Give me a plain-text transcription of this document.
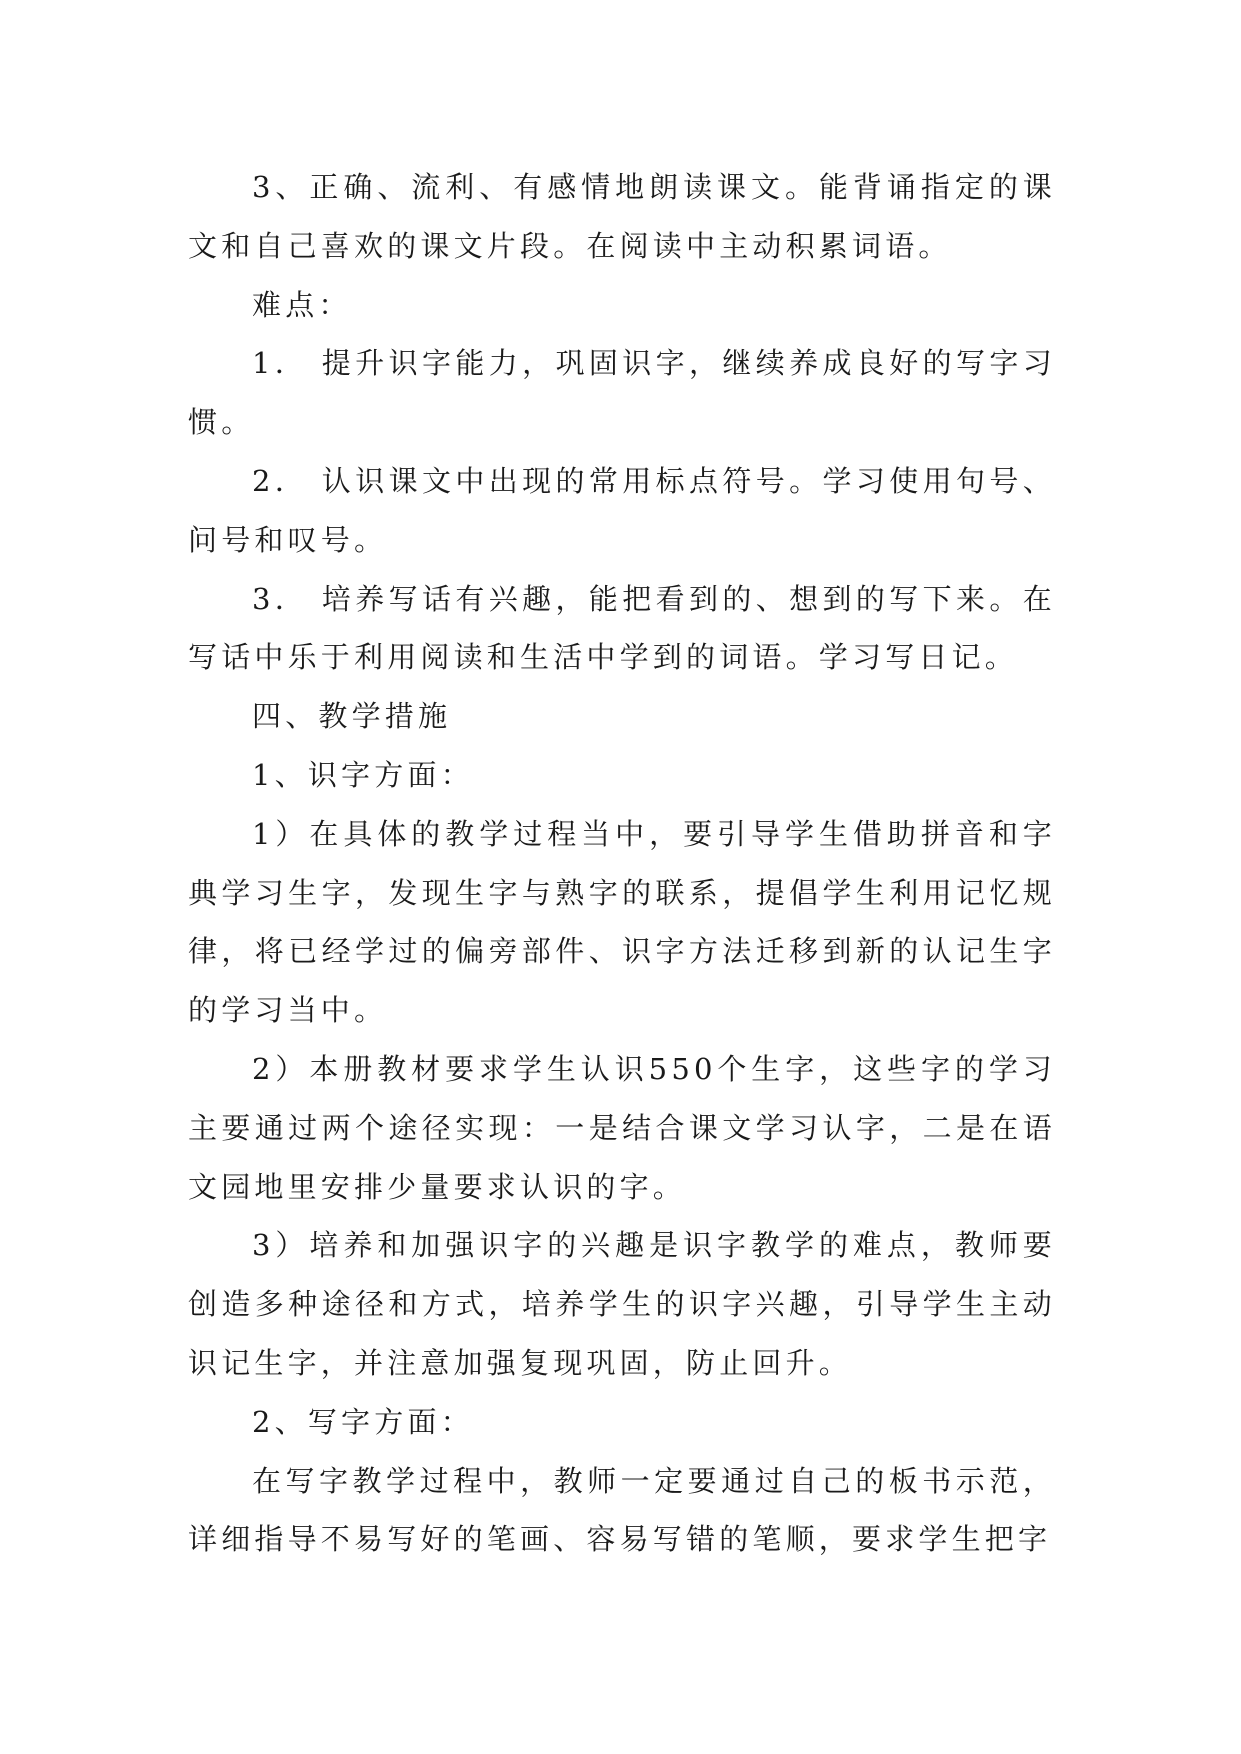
3、正确、流利、有感情地朗读课文。能背诵指定的课文和自己喜欢的课文片段。在阅读中主动积累词语。

难点：

1． 提升识字能力，巩固识字，继续养成良好的写字习惯。

2． 认识课文中出现的常用标点符号。学习使用句号、问号和叹号。

3． 培养写话有兴趣，能把看到的、想到的写下来。在写话中乐于利用阅读和生活中学到的词语。学习写日记。

四、教学措施

1、识字方面：

1）在具体的教学过程当中，要引导学生借助拼音和字典学习生字，发现生字与熟字的联系，提倡学生利用记忆规律，将已经学过的偏旁部件、识字方法迁移到新的认记生字的学习当中。

2）本册教材要求学生认识550个生字，这些字的学习主要通过两个途径实现：一是结合课文学习认字，二是在语文园地里安排少量要求认识的字。

3）培养和加强识字的兴趣是识字教学的难点，教师要创造多种途径和方式，培养学生的识字兴趣，引导学生主动识记生字，并注意加强复现巩固，防止回升。

2、写字方面：

在写字教学过程中，教师一定要通过自己的板书示范，详细指导不易写好的笔画、容易写错的笔顺，要求学生把字
